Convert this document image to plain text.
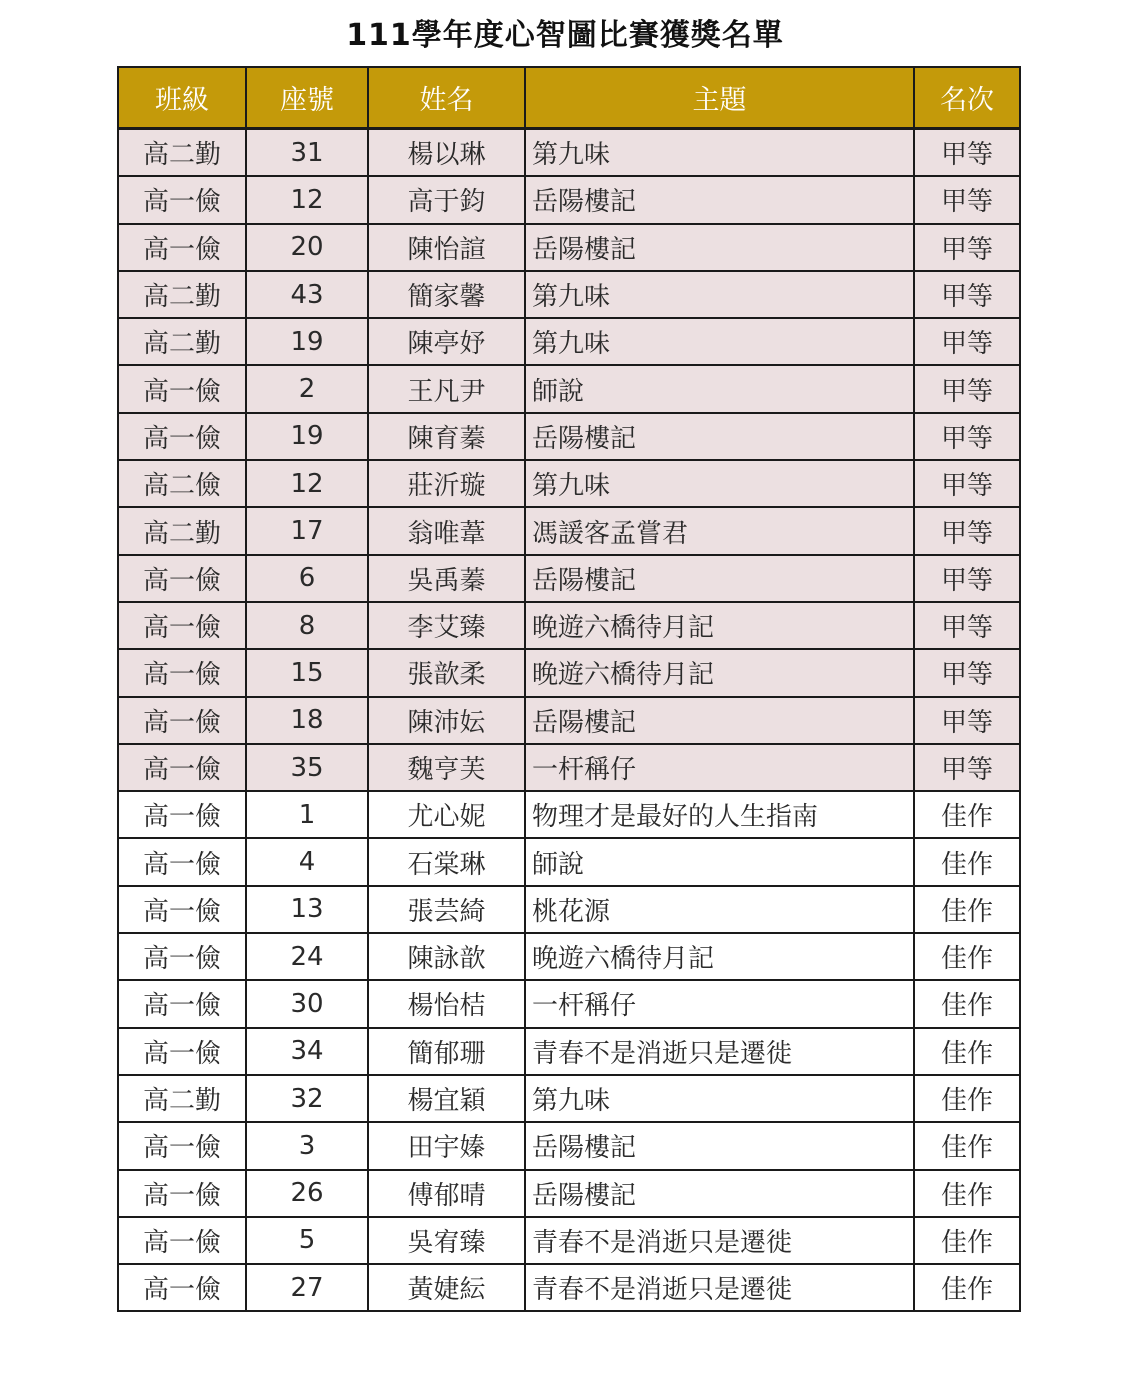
111學年度心智圖比賽獲獎名單
班級	座號	姓名	主題	名次
高二勤	31	楊以琳	第九味	甲等
高一儉	12	高于鈞	岳陽樓記	甲等
高一儉	20	陳怡諠	岳陽樓記	甲等
高二勤	43	簡家馨	第九味	甲等
高二勤	19	陳亭妤	第九味	甲等
高一儉	2	王凡尹	師說	甲等
高一儉	19	陳育蓁	岳陽樓記	甲等
高二儉	12	莊沂璇	第九味	甲等
高二勤	17	翁唯葦	馮諼客孟嘗君	甲等
高一儉	6	吳禹蓁	岳陽樓記	甲等
高一儉	8	李艾臻	晚遊六橋待月記	甲等
高一儉	15	張歆柔	晚遊六橋待月記	甲等
高一儉	18	陳沛妘	岳陽樓記	甲等
高一儉	35	魏亨芙	一杆稱仔	甲等
高一儉	1	尤心妮	物理才是最好的人生指南	佳作
高一儉	4	石棠琳	師說	佳作
高一儉	13	張芸綺	桃花源	佳作
高一儉	24	陳詠歆	晚遊六橋待月記	佳作
高一儉	30	楊怡桔	一杆稱仔	佳作
高一儉	34	簡郁珊	青春不是消逝只是遷徙	佳作
高二勤	32	楊宜穎	第九味	佳作
高一儉	3	田宇嫀	岳陽樓記	佳作
高一儉	26	傅郁晴	岳陽樓記	佳作
高一儉	5	吳宥臻	青春不是消逝只是遷徙	佳作
高一儉	27	黃婕紜	青春不是消逝只是遷徙	佳作
